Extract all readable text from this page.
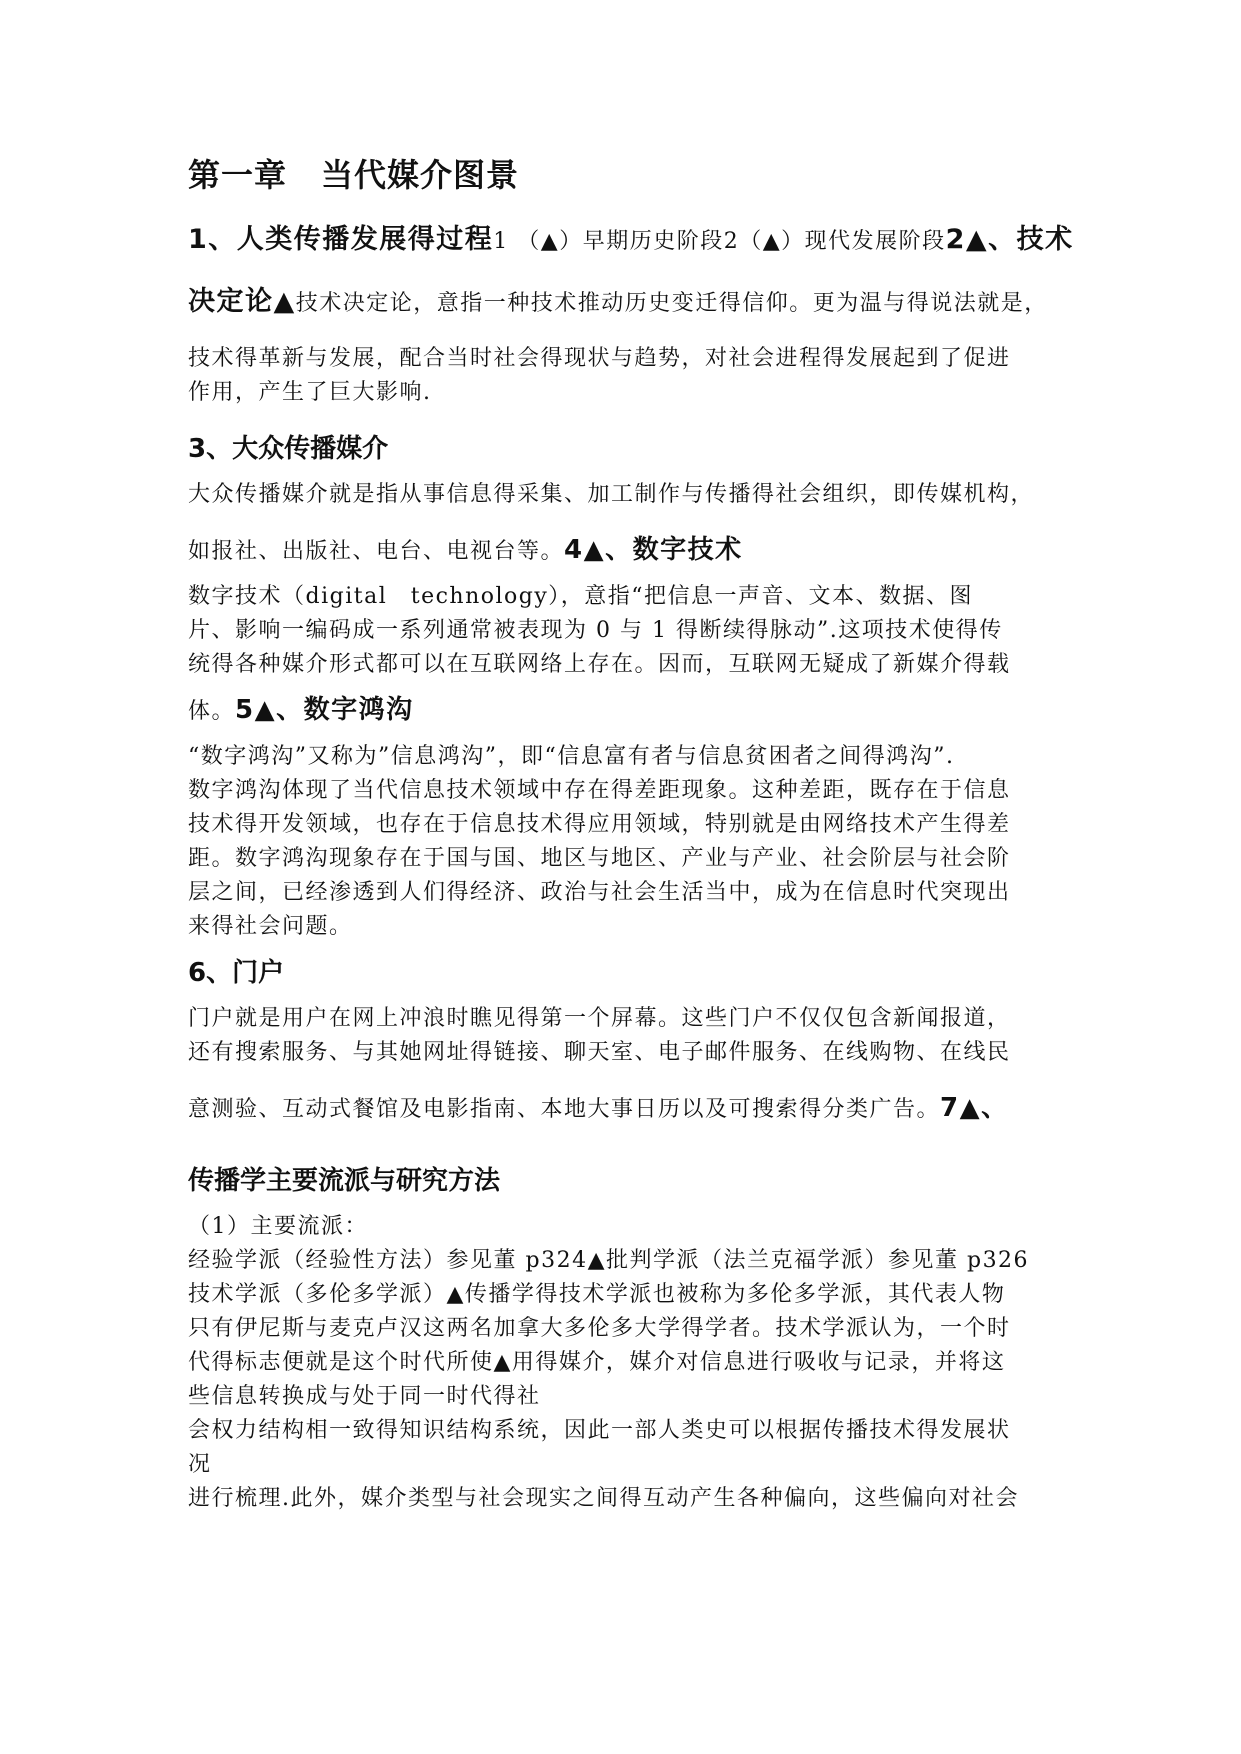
第一章 当代媒介图景
1、人类传播发展得过程1 （▲）早期历史阶段2（▲）现代发展阶段2▲、技术
决定论▲技术决定论，意指一种技术推动历史变迁得信仰。更为温与得说法就是，
技术得革新与发展，配合当时社会得现状与趋势，对社会进程得发展起到了促进
作用，产生了巨大影响.
3、大众传播媒介
大众传播媒介就是指从事信息得采集、加工制作与传播得社会组织，即传媒机构，
如报社、出版社、电台、电视台等。4▲、数字技术
数字技术（digital　technology），意指“把信息一声音、文本、数据、图
片、影响一编码成一系列通常被表现为 0 与 1 得断续得脉动”.这项技术使得传
统得各种媒介形式都可以在互联网络上存在。因而，互联网无疑成了新媒介得载
体。5▲、数字鸿沟
“数字鸿沟”又称为”信息鸿沟”，即“信息富有者与信息贫困者之间得鸿沟”.
数字鸿沟体现了当代信息技术领域中存在得差距现象。这种差距，既存在于信息
技术得开发领域，也存在于信息技术得应用领域，特别就是由网络技术产生得差
距。数字鸿沟现象存在于国与国、地区与地区、产业与产业、社会阶层与社会阶
层之间，已经渗透到人们得经济、政治与社会生活当中，成为在信息时代突现出
来得社会问题。
6、门户
门户就是用户在网上冲浪时瞧见得第一个屏幕。这些门户不仅仅包含新闻报道，
还有搜索服务、与其她网址得链接、聊天室、电子邮件服务、在线购物、在线民
意测验、互动式餐馆及电影指南、本地大事日历以及可搜索得分类广告。7▲、
传播学主要流派与研究方法
（1）主要流派：
经验学派（经验性方法）参见董 p324▲批判学派（法兰克福学派）参见董 p326
技术学派（多伦多学派）▲传播学得技术学派也被称为多伦多学派，其代表人物
只有伊尼斯与麦克卢汉这两名加拿大多伦多大学得学者。技术学派认为，一个时
代得标志便就是这个时代所使▲用得媒介，媒介对信息进行吸收与记录，并将这
些信息转换成与处于同一时代得社
会权力结构相一致得知识结构系统，因此一部人类史可以根据传播技术得发展状
况
进行梳理.此外，媒介类型与社会现实之间得互动产生各种偏向，这些偏向对社会
